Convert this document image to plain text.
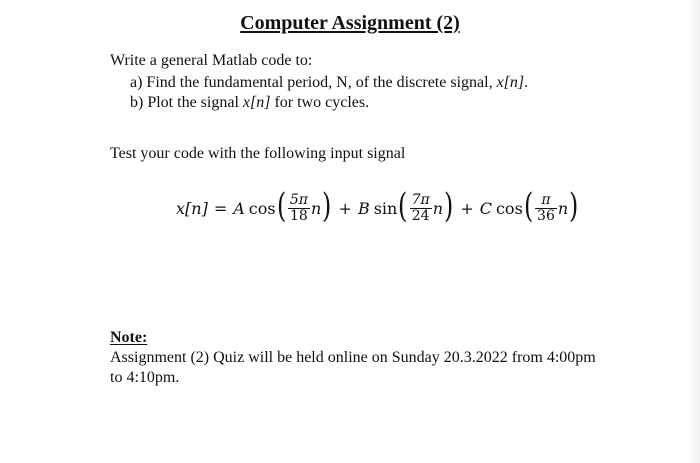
Computer Assignment (2)
Write a general Matlab code to:
a) Find the fundamental period, N, of the discrete signal, x[n].
b) Plot the signal x[n] for two cycles.
Test your code with the following input signal
x[n] = A cos ( $\frac{5\pi}{18}$ n ) + B sin ( $\frac{7\pi}{24}$ n ) + C cos ( $\frac{\pi}{36}$ n )
Note:
Assignment (2) Quiz will be held online on Sunday 20.3.2022 from 4:00pm
to 4:10pm.
